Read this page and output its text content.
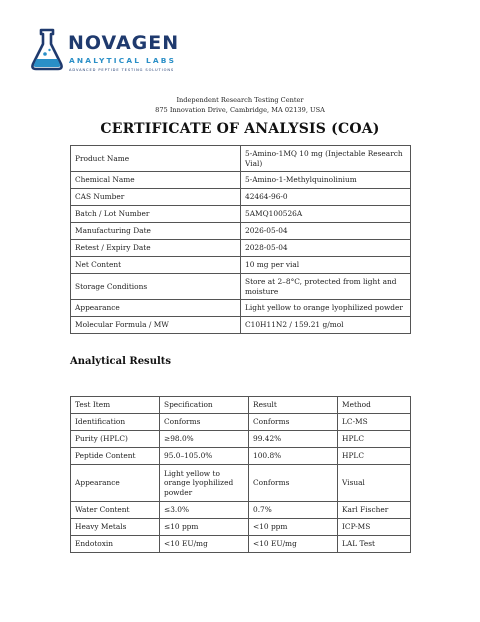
NOVAGEN
ANALYTICAL LABS
ADVANCED PEPTIDE TESTING SOLUTIONS
Independent Research Testing Center
875 Innovation Drive, Cambridge, MA 02139, USA
CERTIFICATE OF ANALYSIS (COA)
Product Name	5-Amino-1MQ 10 mg (Injectable Research Vial)
Chemical Name	5-Amino-1-Methylquinolinium
CAS Number	42464-96-0
Batch / Lot Number	5AMQ100526A
Manufacturing Date	2026-05-04
Retest / Expiry Date	2028-05-04
Net Content	10 mg per vial
Storage Conditions	Store at 2–8°C, protected from light and moisture
Appearance	Light yellow to orange lyophilized powder
Molecular Formula / MW	C10H11N2 / 159.21 g/mol
Analytical Results
Test Item	Specification	Result	Method
Identification	Conforms	Conforms	LC-MS
Purity (HPLC)	≥98.0%	99.42%	HPLC
Peptide Content	95.0–105.0%	100.8%	HPLC
Appearance	Light yellow to orange lyophilized powder	Conforms	Visual
Water Content	≤3.0%	0.7%	Karl Fischer
Heavy Metals	≤10 ppm	<10 ppm	ICP-MS
Endotoxin	<10 EU/mg	<10 EU/mg	LAL Test
